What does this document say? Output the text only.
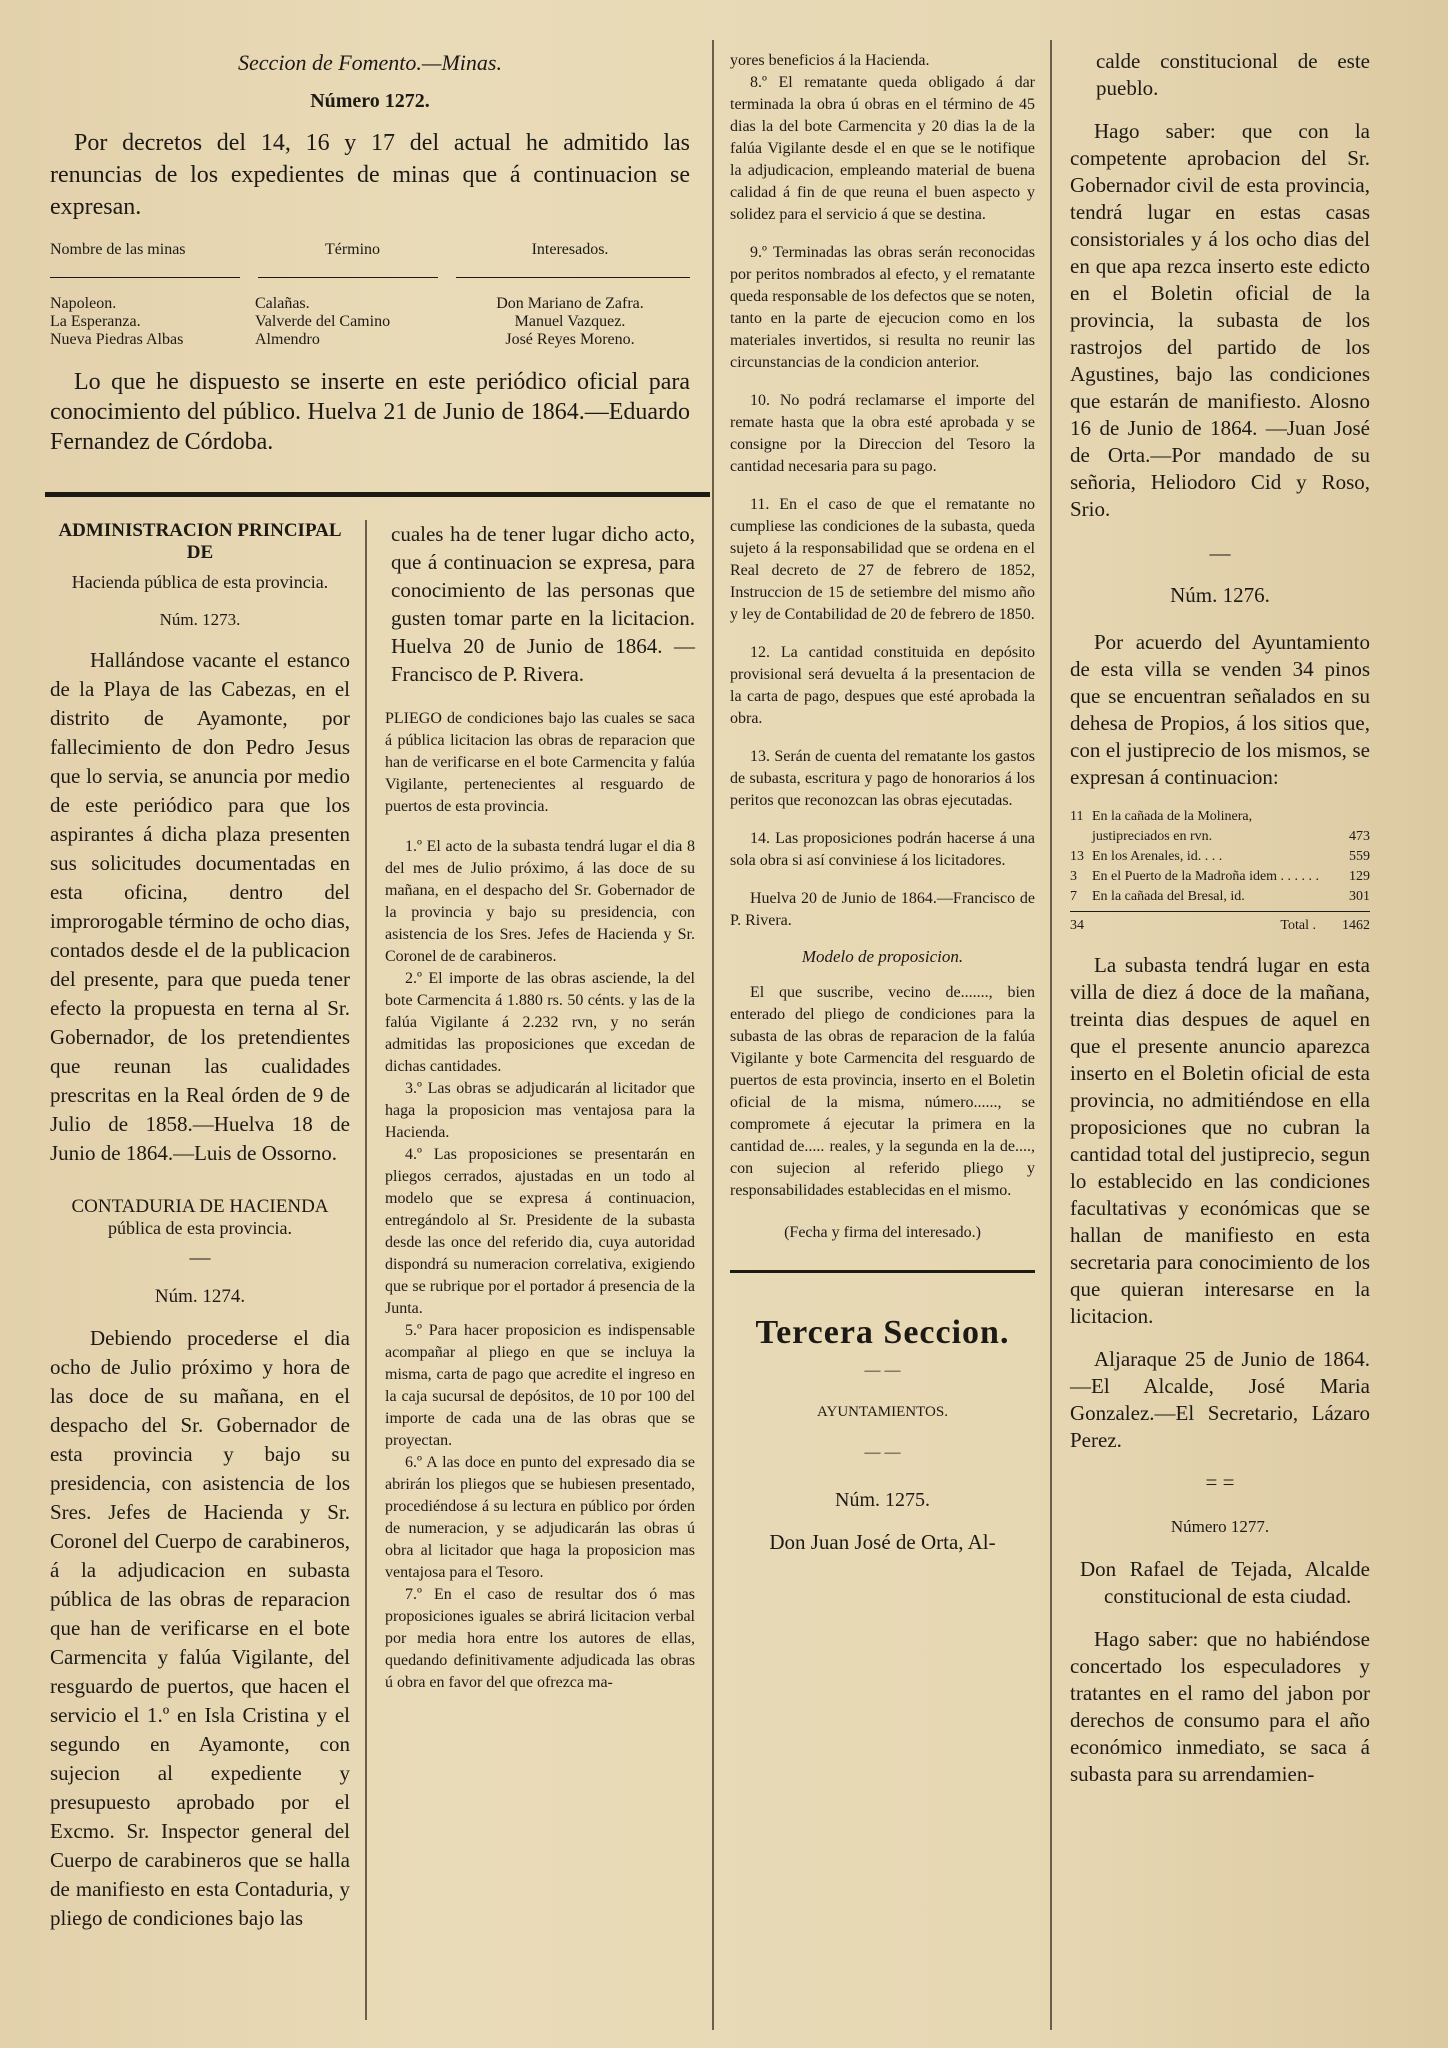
Seccion de Fomento.—Minas.

Número 1272.

Por decretos del 14, 16 y 17 del actual he admitido las renuncias de los expedientes de minas que á continuacion se expresan.

Nombre de las minas	Término	Interesados.

Napoleon.	Calañas.	Don Mariano de Zafra.
La Esperanza.	Valverde del Camino	Manuel Vazquez.
Nueva Piedras Albas	Almendro	José Reyes Moreno.

Lo que he dispuesto se inserte en este periódico oficial para conocimiento del público. Huelva 21 de Junio de 1864.—Eduardo Fernandez de Córdoba.

ADMINISTRACION PRINCIPAL DE

Hacienda pública de esta provincia.

Núm. 1273.

Hallándose vacante el estanco de la Playa de las Cabezas, en el distrito de Ayamonte, por fallecimiento de don Pedro Jesus que lo servia, se anuncia por medio de este periódico para que los aspirantes á dicha plaza presenten sus solicitudes documentadas en esta oficina, dentro del improrogable término de ocho dias, contados desde el de la publicacion del presente, para que pueda tener efecto la propuesta en terna al Sr. Gobernador, de los pretendientes que reunan las cualidades prescritas en la Real órden de 9 de Julio de 1858.—Huelva 18 de Junio de 1864.—Luis de Ossorno.

CONTADURIA DE HACIENDA

pública de esta provincia.

—

Núm. 1274.

Debiendo procederse el dia ocho de Julio próximo y hora de las doce de su mañana, en el despacho del Sr. Gobernador de esta provincia y bajo su presidencia, con asistencia de los Sres. Jefes de Hacienda y Sr. Coronel del Cuerpo de carabineros, á la adjudicacion en subasta pública de las obras de reparacion que han de verificarse en el bote Carmencita y falúa Vigilante, del resguardo de puertos, que hacen el servicio el 1.º en Isla Cristina y el segundo en Ayamonte, con sujecion al expediente y presupuesto aprobado por el Excmo. Sr. Inspector general del Cuerpo de carabineros que se halla de manifiesto en esta Contaduria, y pliego de condiciones bajo las

cuales ha de tener lugar dicho acto, que á continuacion se expresa, para conocimiento de las personas que gusten tomar parte en la licitacion. Huelva 20 de Junio de 1864. —Francisco de P. Rivera.

PLIEGO de condiciones bajo las cuales se saca á pública licitacion las obras de reparacion que han de verificarse en el bote Carmencita y falúa Vigilante, pertenecientes al resguardo de puertos de esta provincia.

1.º El acto de la subasta tendrá lugar el dia 8 del mes de Julio próximo, á las doce de su mañana, en el despacho del Sr. Gobernador de la provincia y bajo su presidencia, con asistencia de los Sres. Jefes de Hacienda y Sr. Coronel de de carabineros.

2.º El importe de las obras asciende, la del bote Carmencita á 1.880 rs. 50 cénts. y las de la falúa Vigilante á 2.232 rvn, y no serán admitidas las proposiciones que excedan de dichas cantidades.

3.º Las obras se adjudicarán al licitador que haga la proposicion mas ventajosa para la Hacienda.

4.º Las proposiciones se presentarán en pliegos cerrados, ajustadas en un todo al modelo que se expresa á continuacion, entregándolo al Sr. Presidente de la subasta desde las once del referido dia, cuya autoridad dispondrá su numeracion correlativa, exigiendo que se rubrique por el portador á presencia de la Junta.

5.º Para hacer proposicion es indispensable acompañar al pliego en que se incluya la misma, carta de pago que acredite el ingreso en la caja sucursal de depósitos, de 10 por 100 del importe de cada una de las obras que se proyectan.

6.º A las doce en punto del expresado dia se abrirán los pliegos que se hubiesen presentado, procediéndose á su lectura en público por órden de numeracion, y se adjudicarán las obras ú obra al licitador que haga la proposicion mas ventajosa para el Tesoro.

7.º En el caso de resultar dos ó mas proposiciones iguales se abrirá licitacion verbal por media hora entre los autores de ellas, quedando definitivamente adjudicada las obras ú obra en favor del que ofrezca ma-

yores beneficios á la Hacienda.

8.º El rematante queda obligado á dar terminada la obra ú obras en el término de 45 dias la del bote Carmencita y 20 dias la de la falúa Vigilante desde el en que se le notifique la adjudicacion, empleando material de buena calidad á fin de que reuna el buen aspecto y solidez para el servicio á que se destina.

9.º Terminadas las obras serán reconocidas por peritos nombrados al efecto, y el rematante queda responsable de los defectos que se noten, tanto en la parte de ejecucion como en los materiales invertidos, si resulta no reunir las circunstancias de la condicion anterior.

10. No podrá reclamarse el importe del remate hasta que la obra esté aprobada y se consigne por la Direccion del Tesoro la cantidad necesaria para su pago.

11. En el caso de que el rematante no cumpliese las condiciones de la subasta, queda sujeto á la responsabilidad que se ordena en el Real decreto de 27 de febrero de 1852, Instruccion de 15 de setiembre del mismo año y ley de Contabilidad de 20 de febrero de 1850.

12. La cantidad constituida en depósito provisional será devuelta á la presentacion de la carta de pago, despues que esté aprobada la obra.

13. Serán de cuenta del rematante los gastos de subasta, escritura y pago de honorarios á los peritos que reconozcan las obras ejecutadas.

14. Las proposiciones podrán hacerse á una sola obra si así conviniese á los licitadores.

Huelva 20 de Junio de 1864.—Francisco de P. Rivera.

Modelo de proposicion.

El que suscribe, vecino de......., bien enterado del pliego de condiciones para la subasta de las obras de reparacion de la falúa Vigilante y bote Carmencita del resguardo de puertos de esta provincia, inserto en el Boletin oficial de la misma, número......, se compromete á ejecutar la primera en la cantidad de..... reales, y la segunda en la de...., con sujecion al referido pliego y responsabilidades establecidas en el mismo.

(Fecha y firma del interesado.)

Tercera Seccion.

— —

AYUNTAMIENTOS.

— —

Núm. 1275.

Don Juan José de Orta, Al-

calde constitucional de este pueblo.

Hago saber: que con la competente aprobacion del Sr. Gobernador civil de esta provincia, tendrá lugar en estas casas consistoriales y á los ocho dias del en que apa rezca inserto este edicto en el Boletin oficial de la provincia, la subasta de los rastrojos del partido de los Agustines, bajo las condiciones que estarán de manifiesto. Alosno 16 de Junio de 1864. —Juan José de Orta.—Por mandado de su señoria, Heliodoro Cid y Roso, Srio.

—

Núm. 1276.

Por acuerdo del Ayuntamiento de esta villa se venden 34 pinos que se encuentran señalados en su dehesa de Propios, á los sitios que, con el justiprecio de los mismos, se expresan á continuacion:

11	En la cañada de la Molinera, justipreciados en rvn.	473
13	En los Arenales, id. . . .	559
3	En el Puerto de la Madroña idem . . . . . .	129
7	En la cañada del Bresal, id.	301

34	Total .	1462

La subasta tendrá lugar en esta villa de diez á doce de la mañana, treinta dias despues de aquel en que el presente anuncio aparezca inserto en el Boletin oficial de esta provincia, no admitiéndose en ella proposiciones que no cubran la cantidad total del justiprecio, segun lo establecido en las condiciones facultativas y económicas que se hallan de manifiesto en esta secretaria para conocimiento de los que quieran interesarse en la licitacion.

Aljaraque 25 de Junio de 1864.—El Alcalde, José Maria Gonzalez.—El Secretario, Lázaro Perez.

= =

Número 1277.

Don Rafael de Tejada, Alcalde constitucional de esta ciudad.

Hago saber: que no habiéndose concertado los especuladores y tratantes en el ramo del jabon por derechos de consumo para el año económico inmediato, se saca á subasta para su arrendamien-
